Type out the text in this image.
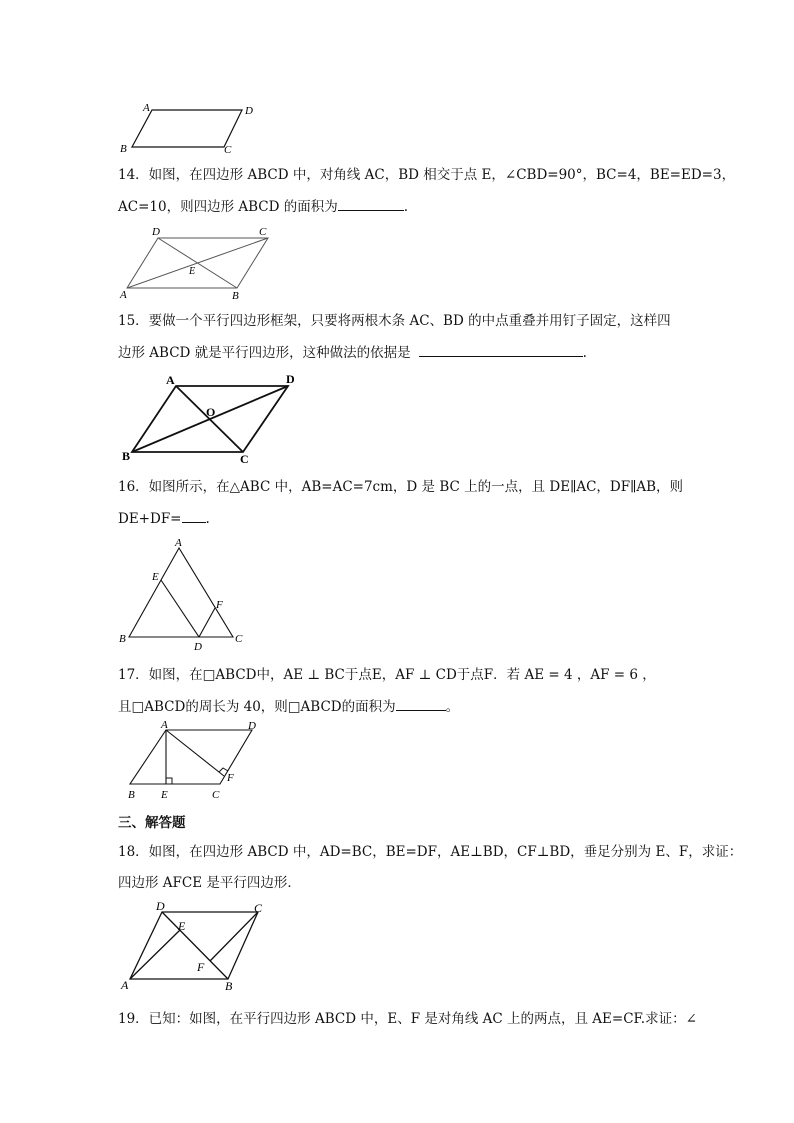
A	D
B	C
14．如图，在四边形 ABCD 中，对角线 AC，BD 相交于点 E，∠CBD=90°，BC=4，BE=ED=3，
AC=10，则四边形 ABCD 的面积为	.
D	C
E
A	B
15．要做一个平行四边形框架，只要将两根木条 AC、BD 的中点重叠并用钉子固定，这样四
边形 ABCD 就是平行四边形，这种做法的依据是	.
A	D
O
B	C
16．如图所示，在△ABC 中，AB=AC=7cm，D 是 BC 上的一点，且 DE∥AC，DF∥AB，则
DE+DF= .
A
E
F
B
D
C
17．如图，在□ABCD中，AE ⊥ BC于点E，AF ⊥ CD于点F．若 AE = 4 ，AF = 6 ，
且□ABCD的周长为 40，则□ABCD的面积为	。
A	D
F
B E	C
三、解答题
18．如图，在四边形 ABCD 中，AD=BC，BE=DF，AE⊥BD，CF⊥BD，垂足分别为 E、F，求证：
四边形 AFCE 是平行四边形．
D	C
E
F
A	B
19．已知：如图，在平行四边形 ABCD 中，E、F 是对角线 AC 上的两点，且 AE=CF.求证：∠
